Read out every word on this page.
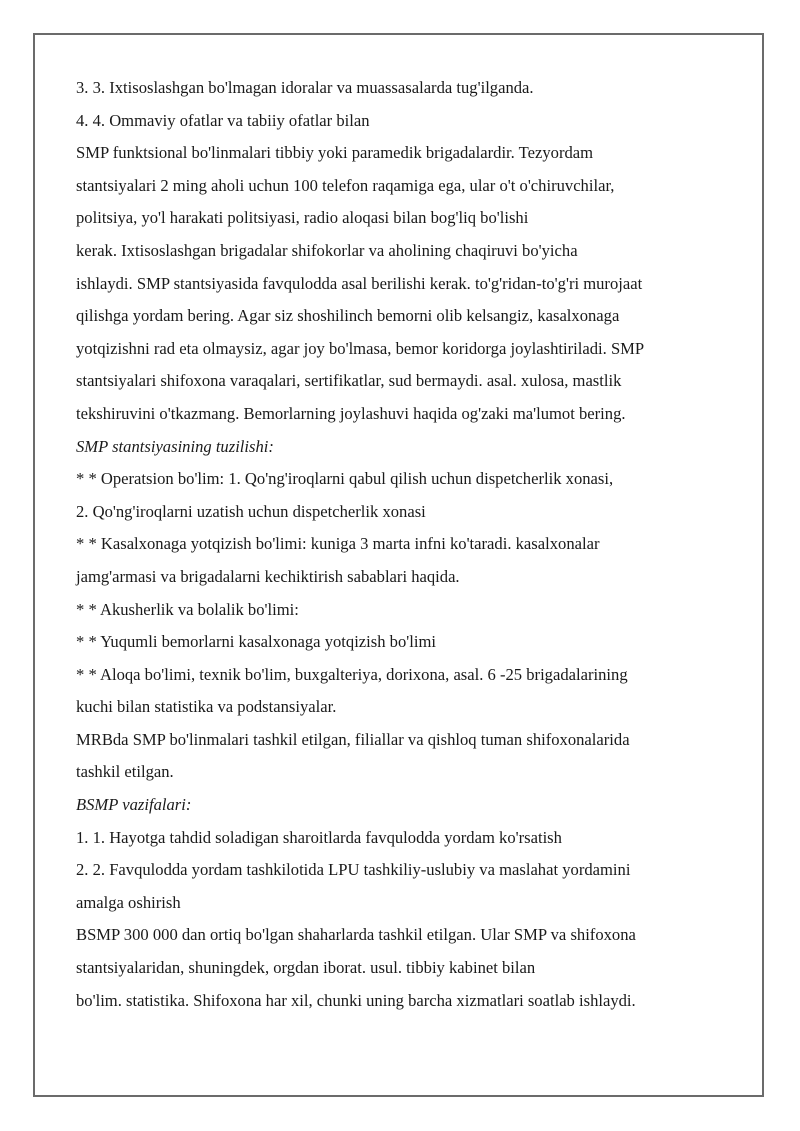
3. 3. Ixtisoslashgan bo'lmagan idoralar va muassasalarda tug'ilganda.

4. 4. Ommaviy ofatlar va tabiiy ofatlar bilan

SMP funktsional bo'linmalari tibbiy yoki paramedik brigadalardir. Tezyordam

stantsiyalari 2 ming aholi uchun 100 telefon raqamiga ega, ular o't o'chiruvchilar,

politsiya, yo'l harakati politsiyasi, radio aloqasi bilan bog'liq bo'lishi

kerak. Ixtisoslashgan brigadalar shifokorlar va aholining chaqiruvi bo'yicha

ishlaydi. SMP stantsiyasida favqulodda asal berilishi kerak. to'g'ridan-to'g'ri murojaat

qilishga yordam bering. Agar siz shoshilinch bemorni olib kelsangiz, kasalxonaga

yotqizishni rad eta olmaysiz, agar joy bo'lmasa, bemor koridorga joylashtiriladi. SMP

stantsiyalari shifoxona varaqalari, sertifikatlar, sud bermaydi. asal. xulosa, mastlik

tekshiruvini o'tkazmang. Bemorlarning joylashuvi haqida og'zaki ma'lumot bering.

SMP stantsiyasining tuzilishi:

* * Operatsion bo'lim: 1. Qo'ng'iroqlarni qabul qilish uchun dispetcherlik xonasi,

2. Qo'ng'iroqlarni uzatish uchun dispetcherlik xonasi

* * Kasalxonaga yotqizish bo'limi: kuniga 3 marta infni ko'taradi. kasalxonalar

jamg'armasi va brigadalarni kechiktirish sabablari haqida.

* * Akusherlik va bolalik bo'limi:

* * Yuqumli bemorlarni kasalxonaga yotqizish bo'limi

* * Aloqa bo'limi, texnik bo'lim, buxgalteriya, dorixona, asal. 6 -25 brigadalarining

kuchi bilan statistika va podstansiyalar.

MRBda SMP bo'linmalari tashkil etilgan, filiallar va qishloq tuman shifoxonalarida

tashkil etilgan.

BSMP vazifalari:

1. 1. Hayotga tahdid soladigan sharoitlarda favqulodda yordam ko'rsatish

2. 2. Favqulodda yordam tashkilotida LPU tashkiliy-uslubiy va maslahat yordamini

amalga oshirish

BSMP 300 000 dan ortiq bo'lgan shaharlarda tashkil etilgan. Ular SMP va shifoxona

stantsiyalaridan, shuningdek, orgdan iborat. usul. tibbiy kabinet bilan

bo'lim. statistika. Shifoxona har xil, chunki uning barcha xizmatlari soatlab ishlaydi.
